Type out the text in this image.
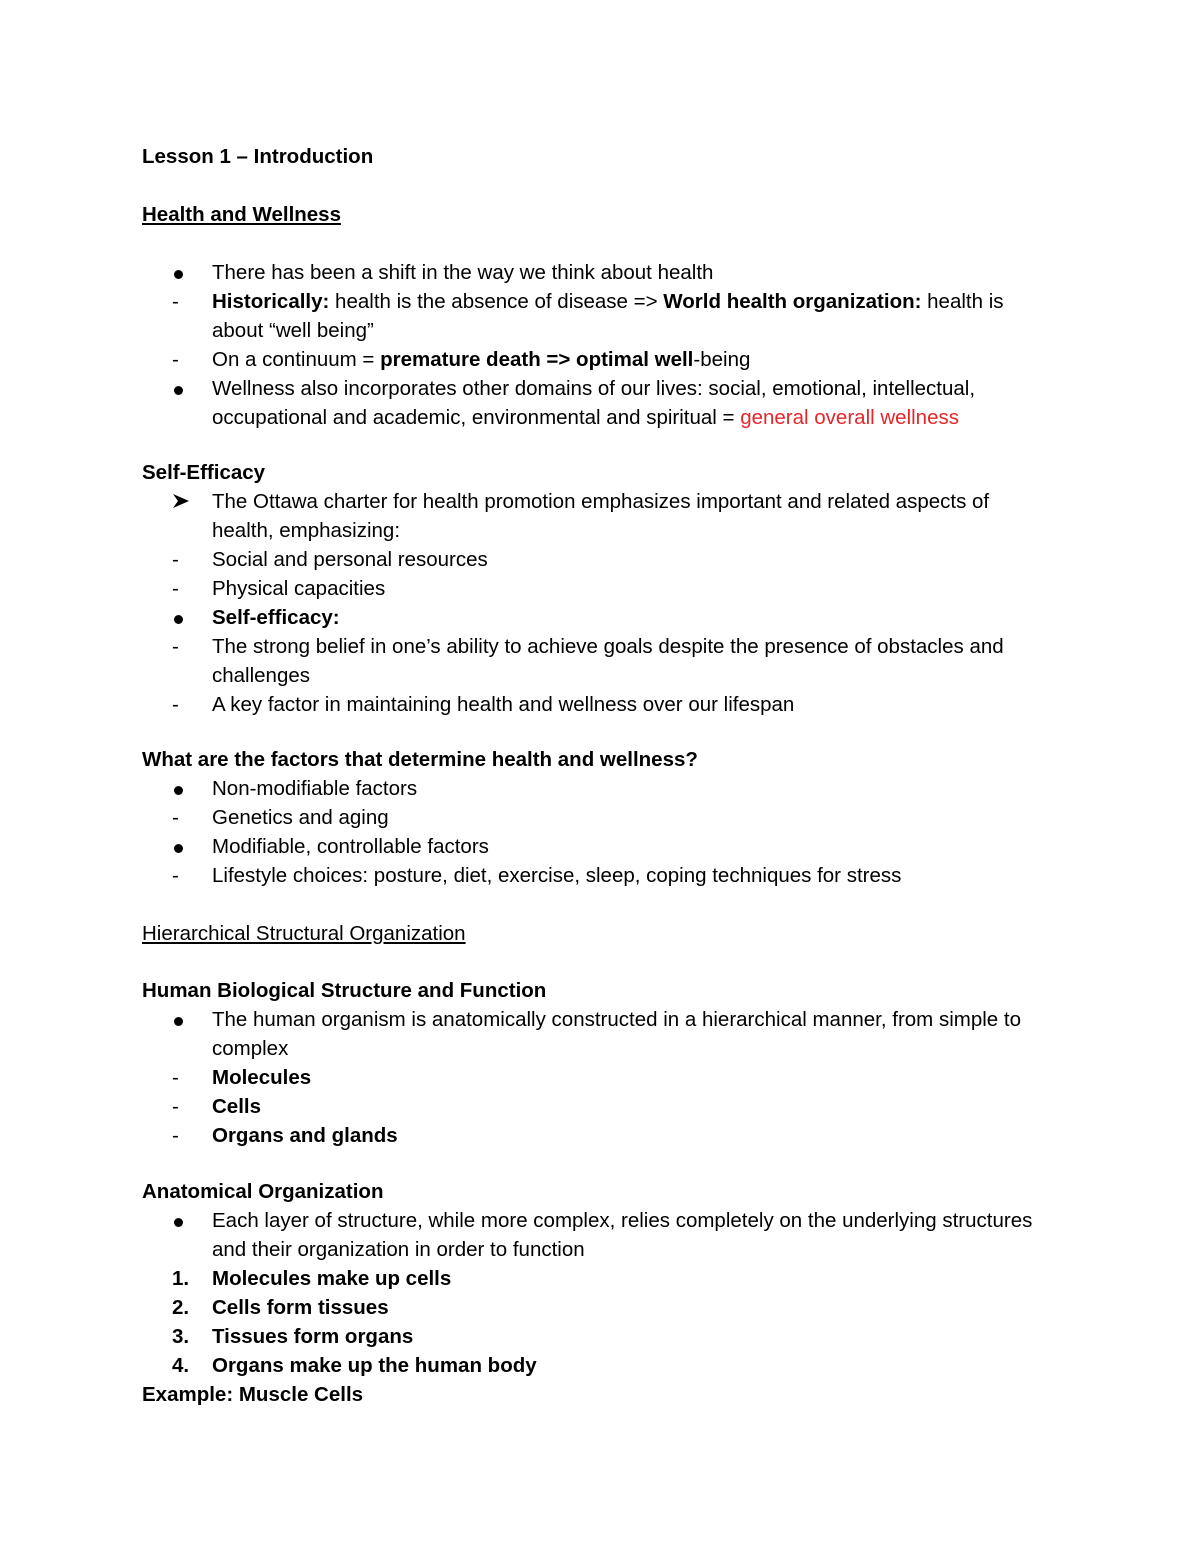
Lesson 1 – Introduction
Health and Wellness
There has been a shift in the way we think about health
-	Historically: health is the absence of disease => World health organization: health is about “well being”
-	On a continuum = premature death => optimal well-being
Wellness also incorporates other domains of our lives: social, emotional, intellectual, occupational and academic, environmental and spiritual = general overall wellness
Self-Efficacy
The Ottawa charter for health promotion emphasizes important and related aspects of health, emphasizing:
-	Social and personal resources
-	Physical capacities
Self-efficacy:
-	The strong belief in one’s ability to achieve goals despite the presence of obstacles and challenges
-	A key factor in maintaining health and wellness over our lifespan
What are the factors that determine health and wellness?
Non-modifiable factors
-	Genetics and aging
Modifiable, controllable factors
-	Lifestyle choices: posture, diet, exercise, sleep, coping techniques for stress
Hierarchical Structural Organization
Human Biological Structure and Function
The human organism is anatomically constructed in a hierarchical manner, from simple to complex
-	Molecules
-	Cells
-	Organs and glands
Anatomical Organization
Each layer of structure, while more complex, relies completely on the underlying structures and their organization in order to function
1.	Molecules make up cells
2.	Cells form tissues
3.	Tissues form organs
4.	Organs make up the human body
Example: Muscle Cells
